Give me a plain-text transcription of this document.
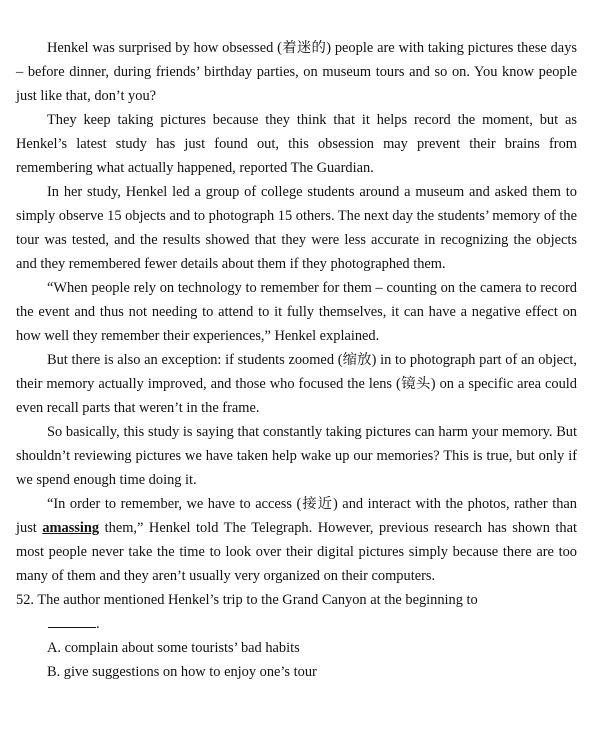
Henkel was surprised by how obsessed (着迷的) people are with taking pictures these days – before dinner, during friends’ birthday parties, on museum tours and so on. You know people just like that, don’t you?

They keep taking pictures because they think that it helps record the moment, but as Henkel’s latest study has just found out, this obsession may prevent their brains from remembering what actually happened, reported The Guardian.

In her study, Henkel led a group of college students around a museum and asked them to simply observe 15 objects and to photograph 15 others. The next day the students’ memory of the tour was tested, and the results showed that they were less accurate in recognizing the objects and they remembered fewer details about them if they photographed them.

“When people rely on technology to remember for them – counting on the camera to record the event and thus not needing to attend to it fully themselves, it can have a negative effect on how well they remember their experiences,” Henkel explained.

But there is also an exception: if students zoomed (缩放) in to photograph part of an object, their memory actually improved, and those who focused the lens (镜头) on a specific area could even recall parts that weren’t in the frame.

So basically, this study is saying that constantly taking pictures can harm your memory. But shouldn’t reviewing pictures we have taken help wake up our memories? This is true, but only if we spend enough time doing it.

“In order to remember, we have to access (接近) and interact with the photos, rather than just amassing them,” Henkel told The Telegraph. However, previous research has shown that most people never take the time to look over their digital pictures simply because there are too many of them and they aren’t usually very organized on their computers.

52. The author mentioned Henkel’s trip to the Grand Canyon at the beginning to

.

A. complain about some tourists’ bad habits

B. give suggestions on how to enjoy one’s tour
